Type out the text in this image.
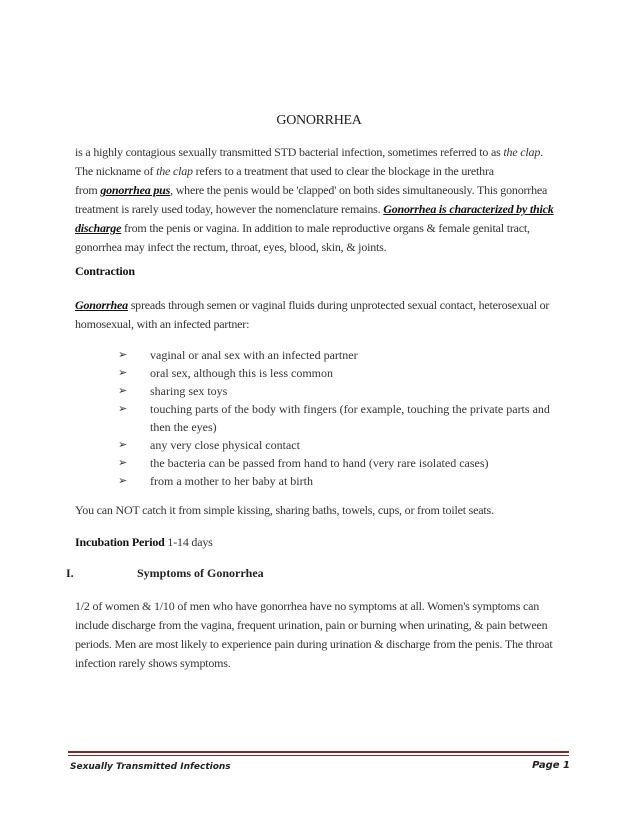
GONORRHEA
is a highly contagious sexually transmitted STD bacterial infection, sometimes referred to as the clap.
The nickname of the clap refers to a treatment that used to clear the blockage in the urethra
from gonorrhea pus, where the penis would be 'clapped' on both sides simultaneously. This gonorrhea
treatment is rarely used today, however the nomenclature remains. Gonorrhea is characterized by thick
discharge from the penis or vagina. In addition to male reproductive organs & female genital tract,
gonorrhea may infect the rectum, throat, eyes, blood, skin, & joints.
Contraction
Gonorrhea spreads through semen or vaginal fluids during unprotected sexual contact, heterosexual or
homosexual, with an infected partner:
➢	vaginal or anal sex with an infected partner
➢	oral sex, although this is less common
➢	sharing sex toys
➢	touching parts of the body with fingers (for example, touching the private parts and
then the eyes)
➢	any very close physical contact
➢	the bacteria can be passed from hand to hand (very rare isolated cases)
➢	from a mother to her baby at birth
You can NOT catch it from simple kissing, sharing baths, towels, cups, or from toilet seats.
Incubation Period 1-14 days
I.	Symptoms of Gonorrhea
1/2 of women & 1/10 of men who have gonorrhea have no symptoms at all. Women's symptoms can
include discharge from the vagina, frequent urination, pain or burning when urinating, & pain between
periods. Men are most likely to experience pain during urination & discharge from the penis. The throat
infection rarely shows symptoms.
Sexually Transmitted Infections	Page 1
